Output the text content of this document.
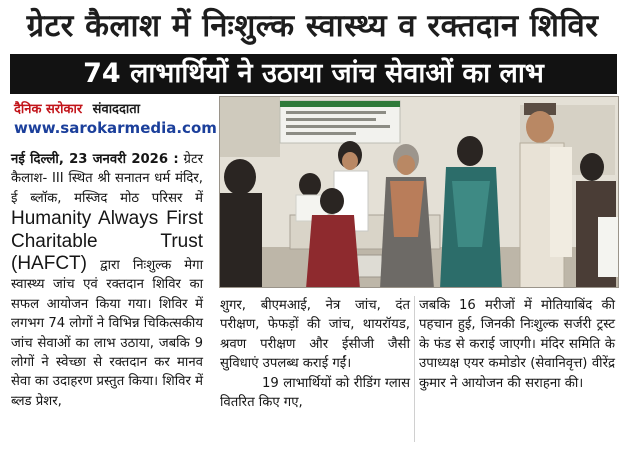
ग्रेटर कैलाश में निःशुल्क स्वास्थ्य व रक्तदान शिविर
74 लाभार्थियों ने उठाया जांच सेवाओं का लाभ
दैनिक सरोकार संवाददाता
www.sarokarmedia.com

नई दिल्ली, 23 जनवरी 2026 : ग्रेटर कैलाश- III स्थित श्री सनातन धर्म मंदिर, ई ब्लॉक, मस्जिद मोठ परिसर में Humanity Always First Charitable Trust (HAFCT) द्वारा निःशुल्क मेगा स्वास्थ्य जांच एवं रक्तदान शिविर का सफल आयोजन किया गया। शिविर में लगभग 74 लोगों ने विभिन्न चिकित्सकीय जांच सेवाओं का लाभ उठाया, जबकि 9 लोगों ने स्वेच्छा से रक्तदान कर मानव सेवा का उदाहरण प्रस्तुत किया। शिविर में ब्लड प्रेशर,

शुगर, बीएमआई, नेत्र जांच, दंत परीक्षण, फेफड़ों की जांच, थायरॉयड, श्रवण परीक्षण और ईसीजी जैसी सुविधाएं उपलब्ध कराई गईं।

19 लाभार्थियों को रीडिंग ग्लास वितरित किए गए,

जबकि 16 मरीजों में मोतियाबिंद की पहचान हुई, जिनकी निःशुल्क सर्जरी ट्रस्ट के फंड से कराई जाएगी। मंदिर समिति के उपाध्यक्ष एयर कमोडोर (सेवानिवृत्त) वीरेंद्र कुमार ने आयोजन की सराहना की।
